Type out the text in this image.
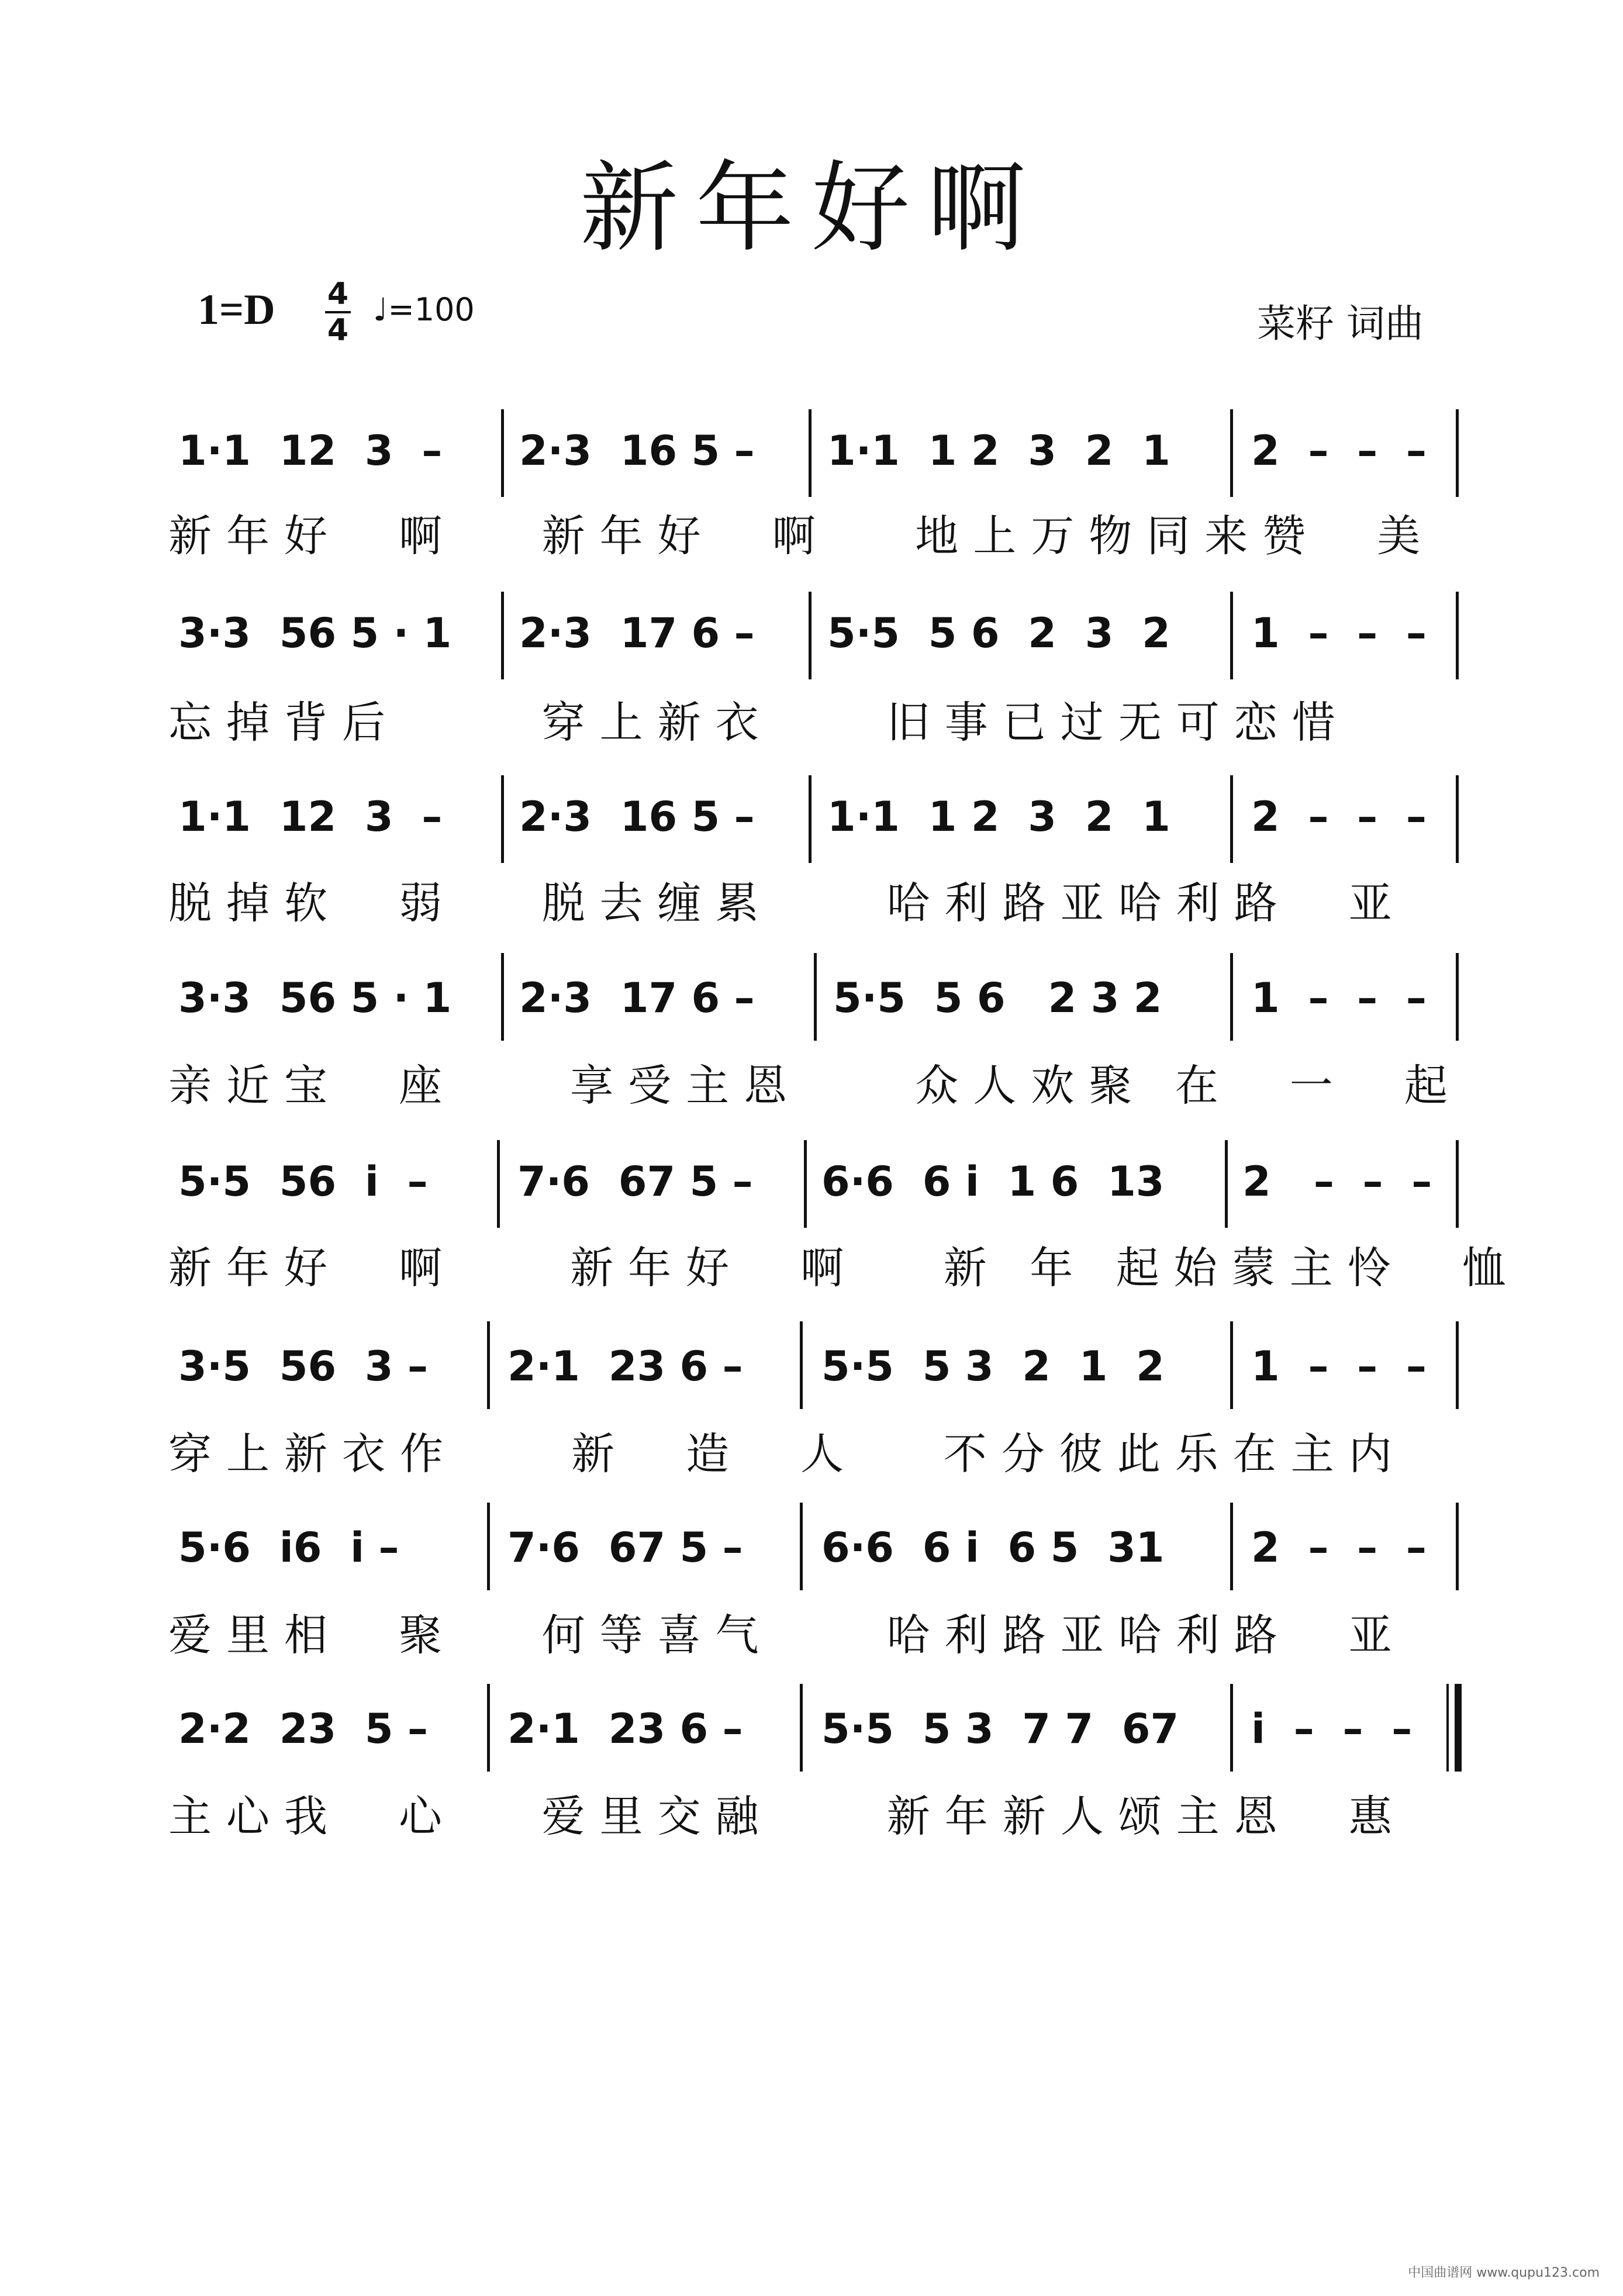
新年好啊
1=D 4
4
♩=100	菜籽 词曲
1·1  12  3  – 2·3  16 5 – 1·1  1 2  3  2  1 2  –  –  –
新年好  啊   新年好  啊   地上万物同来赞  美
3·3  56 5 · 1 2·3  17 6 – 5·5  5 6  2  3  2 1  –  –  –
忘掉背后     穿上新衣    旧事已过无可恋惜
1·1  12  3  – 2·3  16 5 – 1·1  1 2  3  2  1 2  –  –  –
脱掉软  弱   脱去缠累    哈利路亚哈利路  亚
3·3  56 5 · 1 2·3  17 6 – 5·5  5 6   2 3 2 1  –  –  –
亲近宝  座    享受主恩    众人欢聚 在  一  起
5·5  56  i  – 7·6  67 5 – 6·6  6 i  1 6  13 2   –  –  –
新年好  啊    新年好  啊   新 年 起始蒙主怜  恤
3·5  56  3 – 2·1  23 6 – 5·5  5 3  2  1  2 1  –  –  –
穿上新衣作    新  造  人   不分彼此乐在主内
5·6  i6  i –	7·6  67 5 – 6·6  6 i  6 5  31 2  –  –  –
爱里相  聚   何等喜气    哈利路亚哈利路  亚
2·2  23  5 – 2·1  23 6 – 5·5  5 3  7 7  67 i  –  –  –
主心我  心   爱里交融    新年新人颂主恩  惠
中国曲谱网 www.qupu123.com
